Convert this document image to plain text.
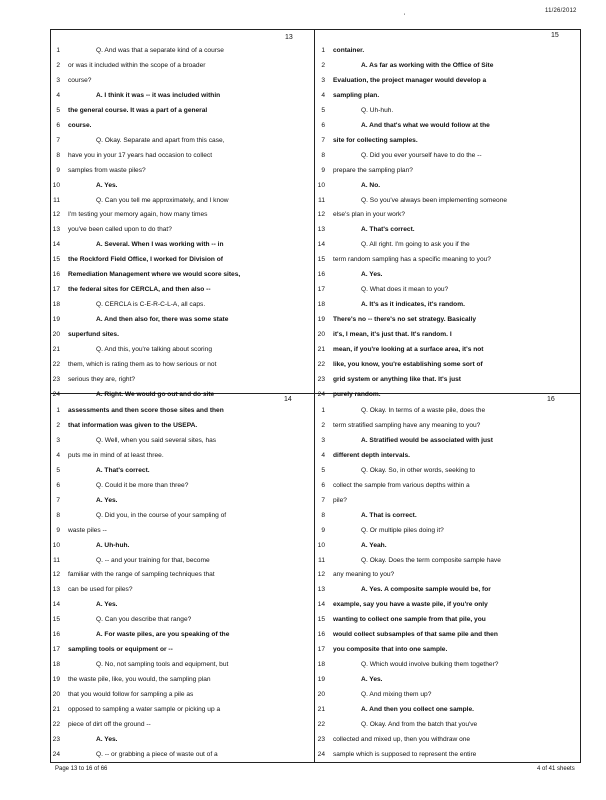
11/26/2012
'
13	15
14	16
1	Q. And was that a separate kind of a course
2 or was it included within the scope of a broader
3 course?
4	A. I think it was -- it was included within
5 the general course. It was a part of a general
6 course.
7	Q. Okay. Separate and apart from this case,
8 have you in your 17 years had occasion to collect
9 samples from waste piles?
10	A. Yes.
11	Q. Can you tell me approximately, and I know
12 I'm testing your memory again, how many times
13 you've been called upon to do that?
14	A. Several. When I was working with -- in
15 the Rockford Field Office, I worked for Division of
16 Remediation Management where we would score sites,
17 the federal sites for CERCLA, and then also --
18	Q. CERCLA is C-E-R-C-L-A, all caps.
19	A. And then also for, there was some state
20 superfund sites.
21	Q. And this, you're talking about scoring
22 them, which is rating them as to how serious or not
23 serious they are, right?
24	A. Right. We would go out and do site
1 container.
2	A. As far as working with the Office of Site
3 Evaluation, the project manager would develop a
4 sampling plan.
5	Q. Uh-huh.
6	A. And that's what we would follow at the
7 site for collecting samples.
8	Q. Did you ever yourself have to do the --
9 prepare the sampling plan?
10	A. No.
11	Q. So you've always been implementing someone
12 else's plan in your work?
13	A. That's correct.
14	Q. All right. I'm going to ask you if the
15 term random sampling has a specific meaning to you?
16	A. Yes.
17	Q. What does it mean to you?
18	A. It's as it indicates, it's random.
19 There's no -- there's no set strategy. Basically
20 it's, I mean, it's just that. It's random. I
21 mean, if you're looking at a surface area, it's not
22 like, you know, you're establishing some sort of
23 grid system or anything like that. It's just
24 purely random.
1 assessments and then score those sites and then
2 that information was given to the USEPA.
3	Q. Well, when you said several sites, has
4 puts me in mind of at least three.
5	A. That's correct.
6	Q. Could it be more than three?
7	A. Yes.
8	Q. Did you, in the course of your sampling of
9 waste piles --
10	A. Uh-huh.
11	Q. -- and your training for that, become
12 familiar with the range of sampling techniques that
13 can be used for piles?
14	A. Yes.
15	Q. Can you describe that range?
16	A. For waste piles, are you speaking of the
17 sampling tools or equipment or --
18	Q. No, not sampling tools and equipment, but
19 the waste pile, like, you would, the sampling plan
20 that you would follow for sampling a pile as
21 opposed to sampling a water sample or picking up a
22 piece of dirt off the ground --
23	A. Yes.
24	Q. -- or grabbing a piece of waste out of a
1	Q. Okay. In terms of a waste pile, does the
2 term stratified sampling have any meaning to you?
3	A. Stratified would be associated with just
4 different depth intervals.
5	Q. Okay. So, in other words, seeking to
6 collect the sample from various depths within a
7 pile?
8	A. That is correct.
9	Q. Or multiple piles doing it?
10	A. Yeah.
11	Q. Okay. Does the term composite sample have
12 any meaning to you?
13	A. Yes. A composite sample would be, for
14 example, say you have a waste pile, if you're only
15 wanting to collect one sample from that pile, you
16 would collect subsamples of that same pile and then
17 you composite that into one sample.
18	Q. Which would involve bulking them together?
19	A. Yes.
20	Q. And mixing them up?
21	A. And then you collect one sample.
22	Q. Okay. And from the batch that you've
23 collected and mixed up, then you withdraw one
24 sample which is supposed to represent the entire
Page 13 to 16 of 66	4 of 41 sheets
